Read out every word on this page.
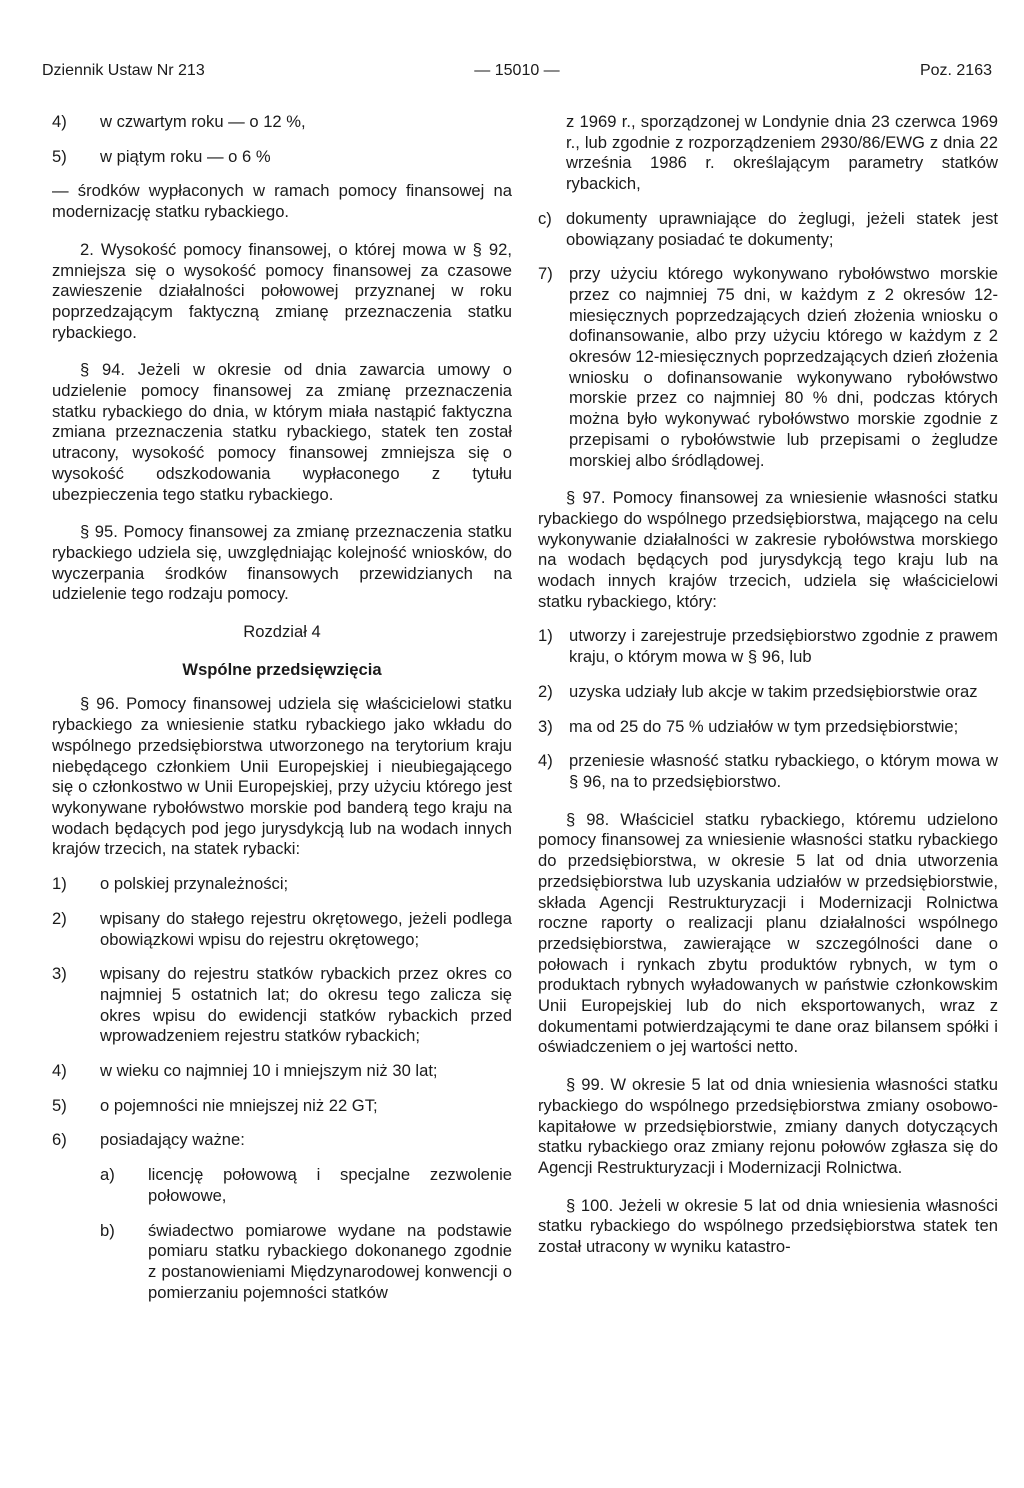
Dziennik Ustaw Nr 213	— 15010 —	Poz. 2163
4)	w czwartym roku — o 12 %,
5)	w piątym roku — o 6 %

— środków wypłaconych w ramach pomocy finansowej na modernizację statku rybackiego.

2. Wysokość pomocy finansowej, o której mowa w § 92, zmniejsza się o wysokość pomocy finansowej za czasowe zawieszenie działalności połowowej przyznanej w roku poprzedzającym faktyczną zmianę przeznaczenia statku rybackiego.

§ 94. Jeżeli w okresie od dnia zawarcia umowy o udzielenie pomocy finansowej za zmianę przeznaczenia statku rybackiego do dnia, w którym miała nastąpić faktyczna zmiana przeznaczenia statku rybackiego, statek ten został utracony, wysokość pomocy finansowej zmniejsza się o wysokość odszkodowania wypłaconego z tytułu ubezpieczenia tego statku rybackiego.

§ 95. Pomocy finansowej za zmianę przeznaczenia statku rybackiego udziela się, uwzględniając kolejność wniosków, do wyczerpania środków finansowych przewidzianych na udzielenie tego rodzaju pomocy.

Rozdział 4

Wspólne przedsięwzięcia

§ 96. Pomocy finansowej udziela się właścicielowi statku rybackiego za wniesienie statku rybackiego jako wkładu do wspólnego przedsiębiorstwa utworzonego na terytorium kraju niebędącego członkiem Unii Europejskiej i nieubiegającego się o członkostwo w Unii Europejskiej, przy użyciu którego jest wykonywane rybołówstwo morskie pod banderą tego kraju na wodach będących pod jego jurysdykcją lub na wodach innych krajów trzecich, na statek rybacki:

1)	o polskiej przynależności;
2)	wpisany do stałego rejestru okrętowego, jeżeli podlega obowiązkowi wpisu do rejestru okrętowego;
3)	wpisany do rejestru statków rybackich przez okres co najmniej 5 ostatnich lat; do okresu tego zalicza się okres wpisu do ewidencji statków rybackich przed wprowadzeniem rejestru statków rybackich;
4)	w wieku co najmniej 10 i mniejszym niż 30 lat;
5)	o pojemności nie mniejszej niż 22 GT;
6)	posiadający ważne:
a)	licencję połowową i specjalne zezwolenie połowowe,
b)	świadectwo pomiarowe wydane na podstawie pomiaru statku rybackiego dokonanego zgodnie z postanowieniami Międzynarodowej konwencji o pomierzaniu pojemności statków

z 1969 r., sporządzonej w Londynie dnia 23 czerwca 1969 r., lub zgodnie z rozporządzeniem 2930/86/EWG z dnia 22 września 1986 r. określającym parametry statków rybackich,

c) dokumenty uprawniające do żeglugi, jeżeli statek jest obowiązany posiadać te dokumenty;
7) przy użyciu którego wykonywano rybołówstwo morskie przez co najmniej 75 dni, w każdym z 2 okresów 12-miesięcznych poprzedzających dzień złożenia wniosku o dofinansowanie, albo przy użyciu którego w każdym z 2 okresów 12-miesięcznych poprzedzających dzień złożenia wniosku o dofinansowanie wykonywano rybołówstwo morskie przez co najmniej 80 % dni, podczas których można było wykonywać rybołówstwo morskie zgodnie z przepisami o rybołówstwie lub przepisami o żegludze morskiej albo śródlądowej.

§ 97. Pomocy finansowej za wniesienie własności statku rybackiego do wspólnego przedsiębiorstwa, mającego na celu wykonywanie działalności w zakresie rybołówstwa morskiego na wodach będących pod jurysdykcją tego kraju lub na wodach innych krajów trzecich, udziela się właścicielowi statku rybackiego, który:

1) utworzy i zarejestruje przedsiębiorstwo zgodnie z prawem kraju, o którym mowa w § 96, lub
2) uzyska udziały lub akcje w takim przedsiębiorstwie oraz
3) ma od 25 do 75 % udziałów w tym przedsiębiorstwie;
4) przeniesie własność statku rybackiego, o którym mowa w § 96, na to przedsiębiorstwo.

§ 98. Właściciel statku rybackiego, któremu udzielono pomocy finansowej za wniesienie własności statku rybackiego do przedsiębiorstwa, w okresie 5 lat od dnia utworzenia przedsiębiorstwa lub uzyskania udziałów w przedsiębiorstwie, składa Agencji Restrukturyzacji i Modernizacji Rolnictwa roczne raporty o realizacji planu działalności wspólnego przedsiębiorstwa, zawierające w szczególności dane o połowach i rynkach zbytu produktów rybnych, w tym o produktach rybnych wyładowanych w państwie członkowskim Unii Europejskiej lub do nich eksportowanych, wraz z dokumentami potwierdzającymi te dane oraz bilansem spółki i oświadczeniem o jej wartości netto.

§ 99. W okresie 5 lat od dnia wniesienia własności statku rybackiego do wspólnego przedsiębiorstwa zmiany osobowo-kapitałowe w przedsiębiorstwie, zmiany danych dotyczących statku rybackiego oraz zmiany rejonu połowów zgłasza się do Agencji Restrukturyzacji i Modernizacji Rolnictwa.

§ 100. Jeżeli w okresie 5 lat od dnia wniesienia własności statku rybackiego do wspólnego przedsiębiorstwa statek ten został utracony w wyniku katastro-
